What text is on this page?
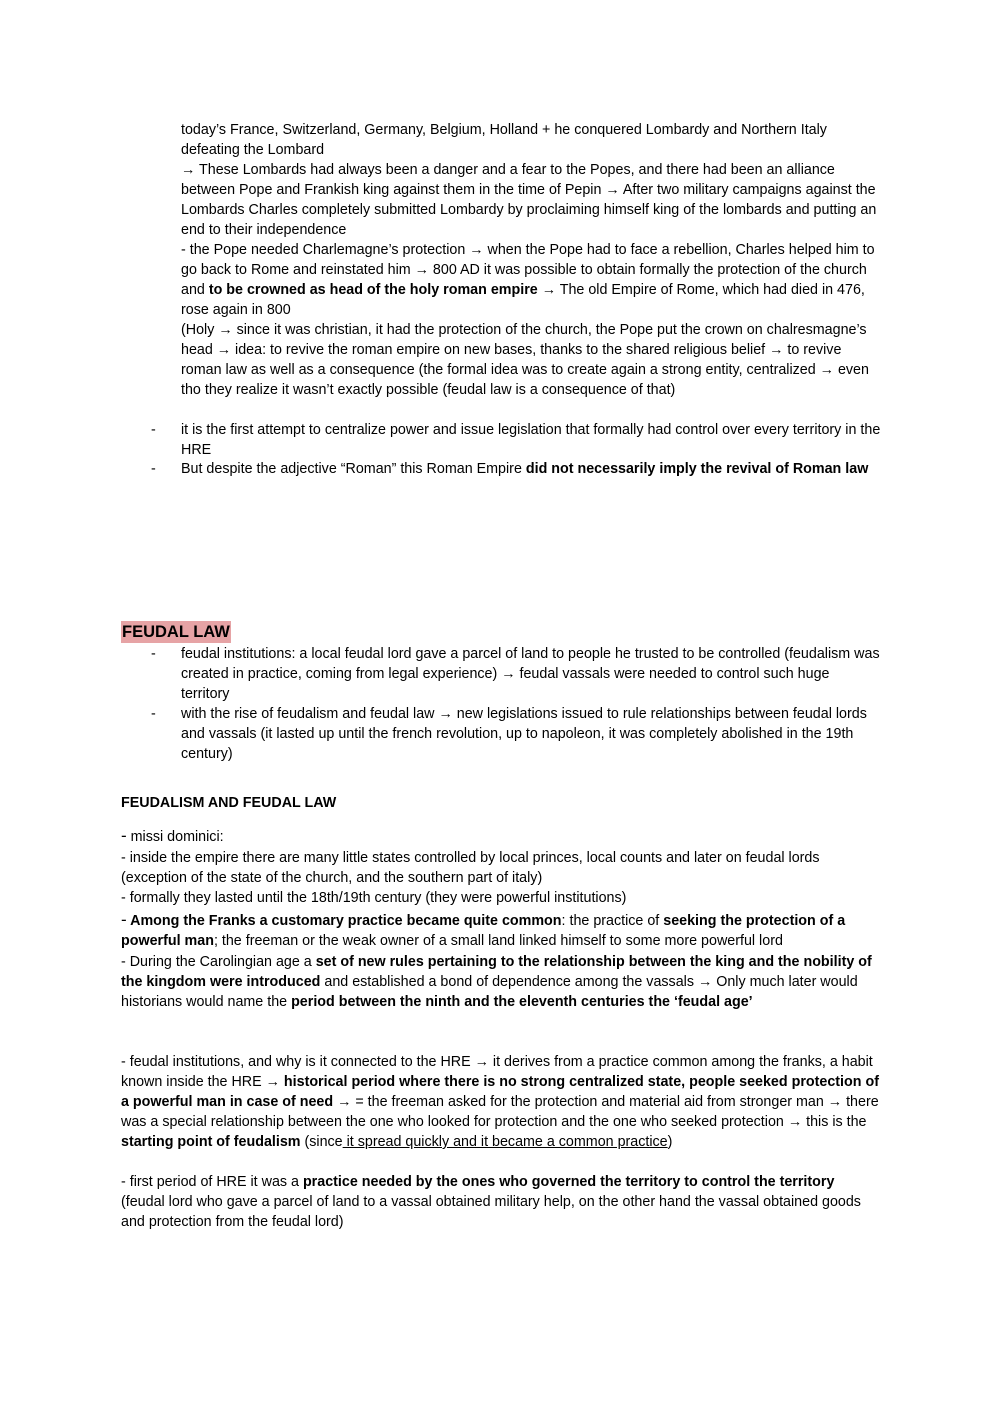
today’s France, Switzerland, Germany, Belgium, Holland + he conquered Lombardy and Northern Italy defeating the Lombard

→ These Lombards had always been a danger and a fear to the Popes, and there had been an alliance between Pope and Frankish king against them in the time of Pepin → After two military campaigns against the Lombards Charles completely submitted Lombardy by proclaiming himself king of the lombards and putting an end to their independence

- the Pope needed Charlemagne’s protection → when the Pope had to face a rebellion, Charles helped him to go back to Rome and reinstated him → 800 AD it was possible to obtain formally the protection of the church and to be crowned as head of the holy roman empire → The old Empire of Rome, which had died in 476, rose again in 800

(Holy → since it was christian, it had the protection of the church, the Pope put the crown on chalresmagne’s head → idea: to revive the roman empire on new bases, thanks to the shared religious belief → to revive roman law as well as a consequence (the formal idea was to create again a strong entity, centralized → even tho they realize it wasn’t exactly possible (feudal law is a consequence of that)

- it is the first attempt to centralize power and issue legislation that formally had control over every territory in the HRE

- But despite the adjective “Roman” this Roman Empire did not necessarily imply the revival of Roman law

FEUDAL LAW
- feudal institutions: a local feudal lord gave a parcel of land to people he trusted to be controlled (feudalism was created in practice, coming from legal experience) → feudal vassals were needed to control such huge territory

- with the rise of feudalism and feudal law → new legislations issued to rule relationships between feudal lords and vassals (it lasted up until the french revolution, up to napoleon, it was completely abolished in the 19th century)

FEUDALISM AND FEUDAL LAW

- missi dominici:

- inside the empire there are many little states controlled by local princes, local counts and later on feudal lords (exception of the state of the church, and the southern part of italy)

- formally they lasted until the 18th/19th century (they were powerful institutions)

- Among the Franks a customary practice became quite common: the practice of seeking the protection of a powerful man; the freeman or the weak owner of a small land linked himself to some more powerful lord

- During the Carolingian age a set of new rules pertaining to the relationship between the king and the nobility of the kingdom were introduced and established a bond of dependence among the vassals → Only much later would historians would name the period between the ninth and the eleventh centuries the ‘feudal age’

- feudal institutions, and why is it connected to the HRE → it derives from a practice common among the franks, a habit known inside the HRE → historical period where there is no strong centralized state, people seeked protection of a powerful man in case of need → = the freeman asked for the protection and material aid from stronger man → there was a special relationship between the one who looked for protection and the one who seeked protection → this is the starting point of feudalism (since it spread quickly and it became a common practice)

- first period of HRE it was a practice needed by the ones who governed the territory to control the territory (feudal lord who gave a parcel of land to a vassal obtained military help, on the other hand the vassal obtained goods and protection from the feudal lord)
